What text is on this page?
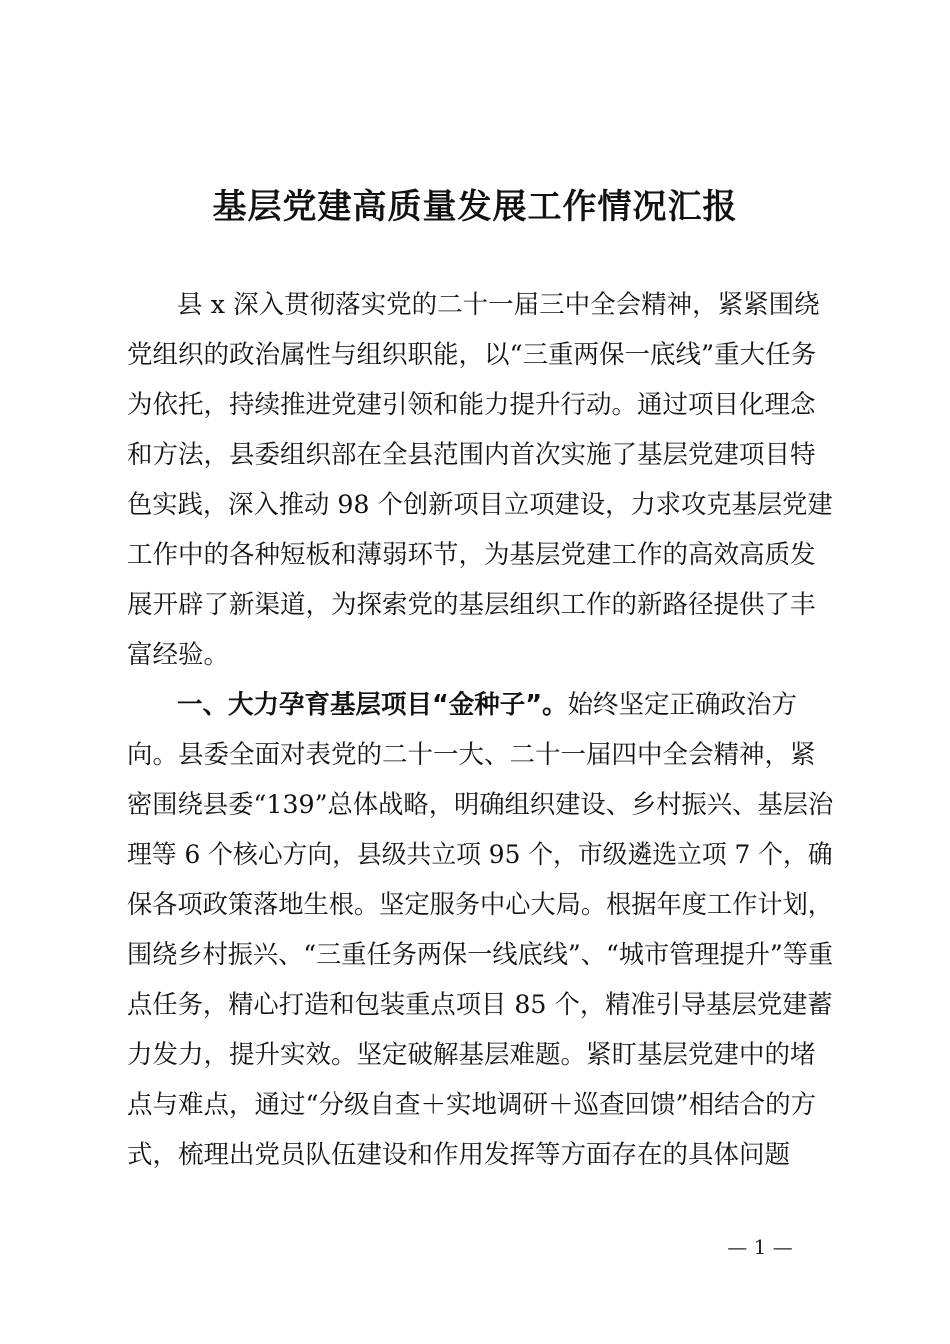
基层党建高质量发展工作情况汇报
县 x 深入贯彻落实党的二十一届三中全会精神，紧紧围绕
党组织的政治属性与组织职能，以“三重两保一底线”重大任务
为依托，持续推进党建引领和能力提升行动。通过项目化理念
和方法，县委组织部在全县范围内首次实施了基层党建项目特
色实践，深入推动 98 个创新项目立项建设，力求攻克基层党建
工作中的各种短板和薄弱环节，为基层党建工作的高效高质发
展开辟了新渠道，为探索党的基层组织工作的新路径提供了丰
富经验。
一、大力孕育基层项目“金种子”。始终坚定正确政治方
向。县委全面对表党的二十一大、二十一届四中全会精神，紧
密围绕县委“139”总体战略，明确组织建设、乡村振兴、基层治
理等 6 个核心方向，县级共立项 95 个，市级遴选立项 7 个，确
保各项政策落地生根。坚定服务中心大局。根据年度工作计划，
围绕乡村振兴、“三重任务两保一线底线”、“城市管理提升”等重
点任务，精心打造和包装重点项目 85 个，精准引导基层党建蓄
力发力，提升实效。坚定破解基层难题。紧盯基层党建中的堵
点与难点，通过“分级自查＋实地调研＋巡查回馈”相结合的方
式，梳理出党员队伍建设和作用发挥等方面存在的具体问题
— 1 —
